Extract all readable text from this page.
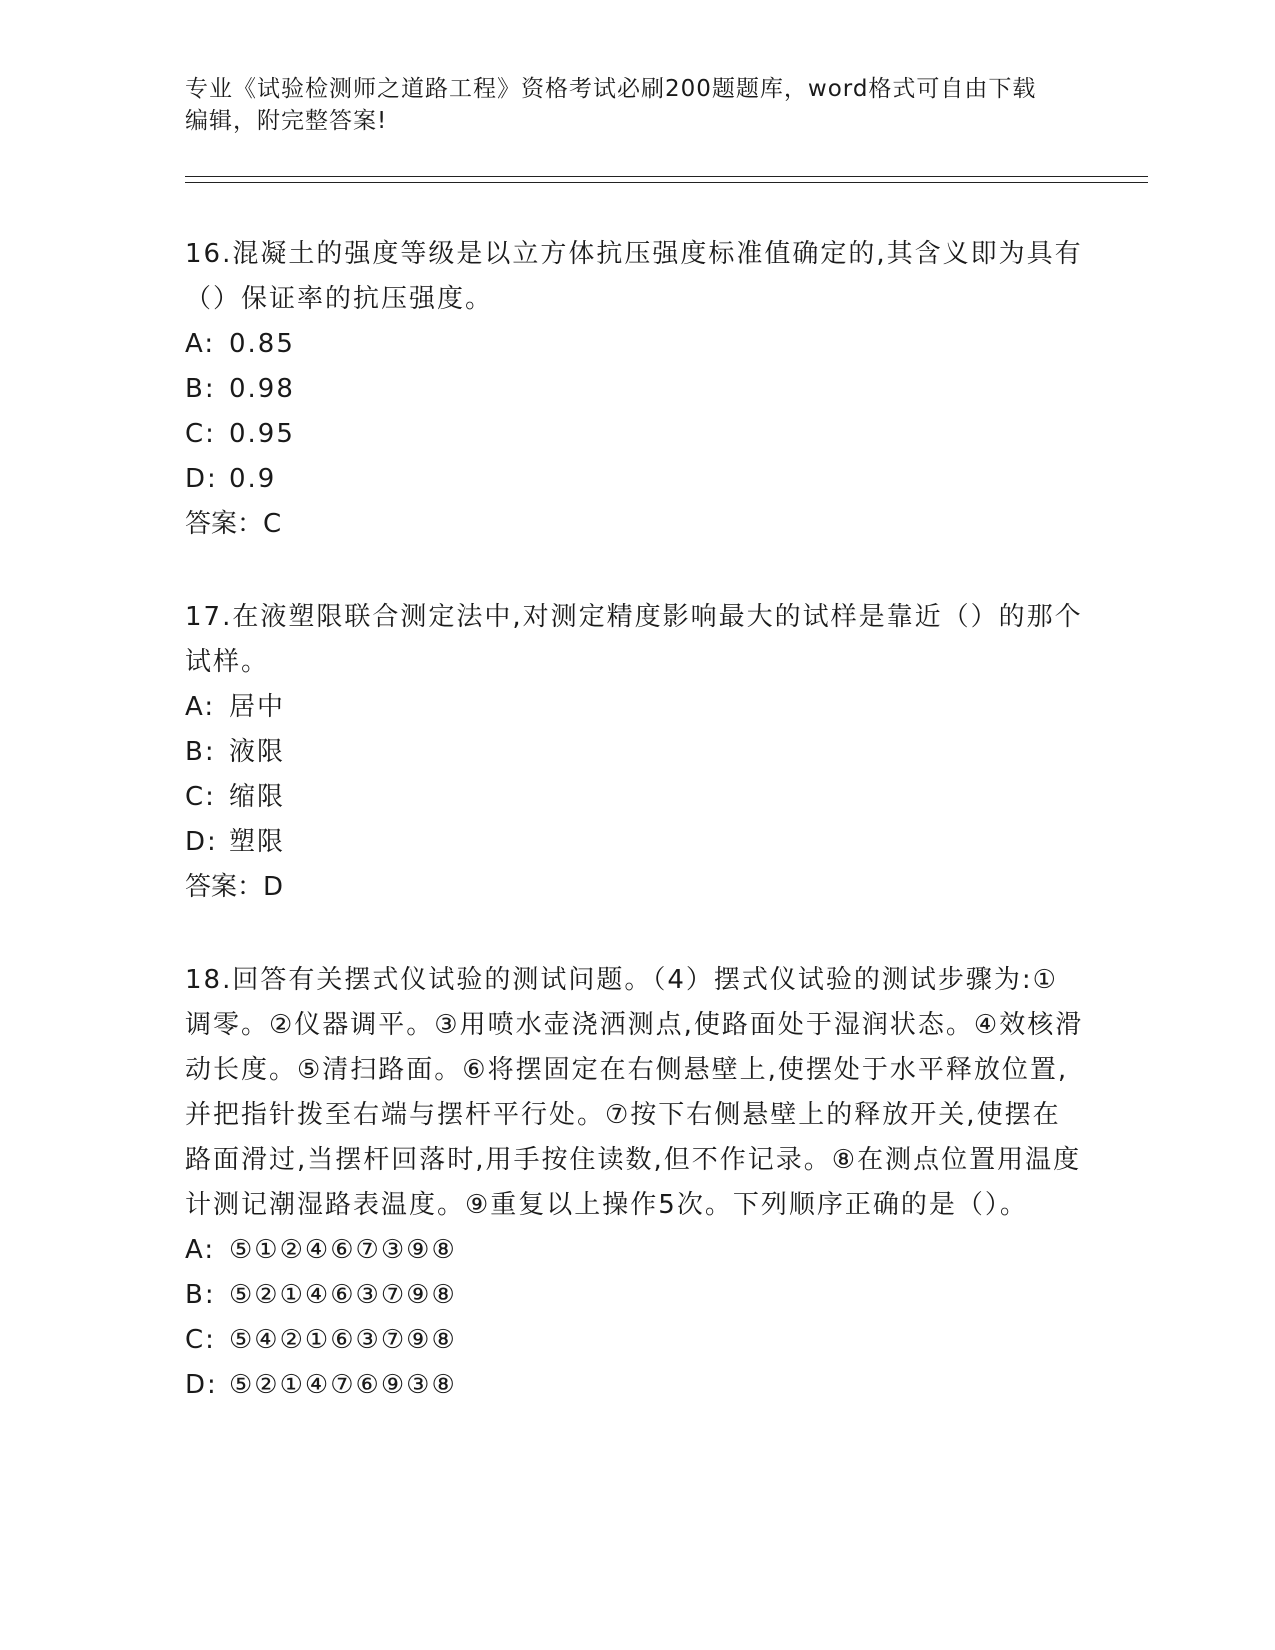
专业《试验检测师之道路工程》资格考试必刷200题题库，word格式可自由下载
编辑，附完整答案!

16.混凝土的强度等级是以立方体抗压强度标准值确定的,其含义即为具有（）保证率的抗压强度。

A: 0.85

B: 0.98

C: 0.95

D: 0.9

答案：C

17.在液塑限联合测定法中,对测定精度影响最大的试样是靠近（）的那个试样。

A: 居中

B: 液限

C: 缩限

D: 塑限

答案：D

18.回答有关摆式仪试验的测试问题。（4）摆式仪试验的测试步骤为:①调零。②仪器调平。③用喷水壶浇洒测点,使路面处于湿润状态。④效核滑动长度。⑤清扫路面。⑥将摆固定在右侧悬壁上,使摆处于水平释放位置,并把指针拨至右端与摆杆平行处。⑦按下右侧悬壁上的释放开关,使摆在路面滑过,当摆杆回落时,用手按住读数,但不作记录。⑧在测点位置用温度计测记潮湿路表温度。⑨重复以上操作5次。下列顺序正确的是（）。

A: ⑤①②④⑥⑦③⑨⑧

B: ⑤②①④⑥③⑦⑨⑧

C: ⑤④②①⑥③⑦⑨⑧

D: ⑤②①④⑦⑥⑨③⑧
